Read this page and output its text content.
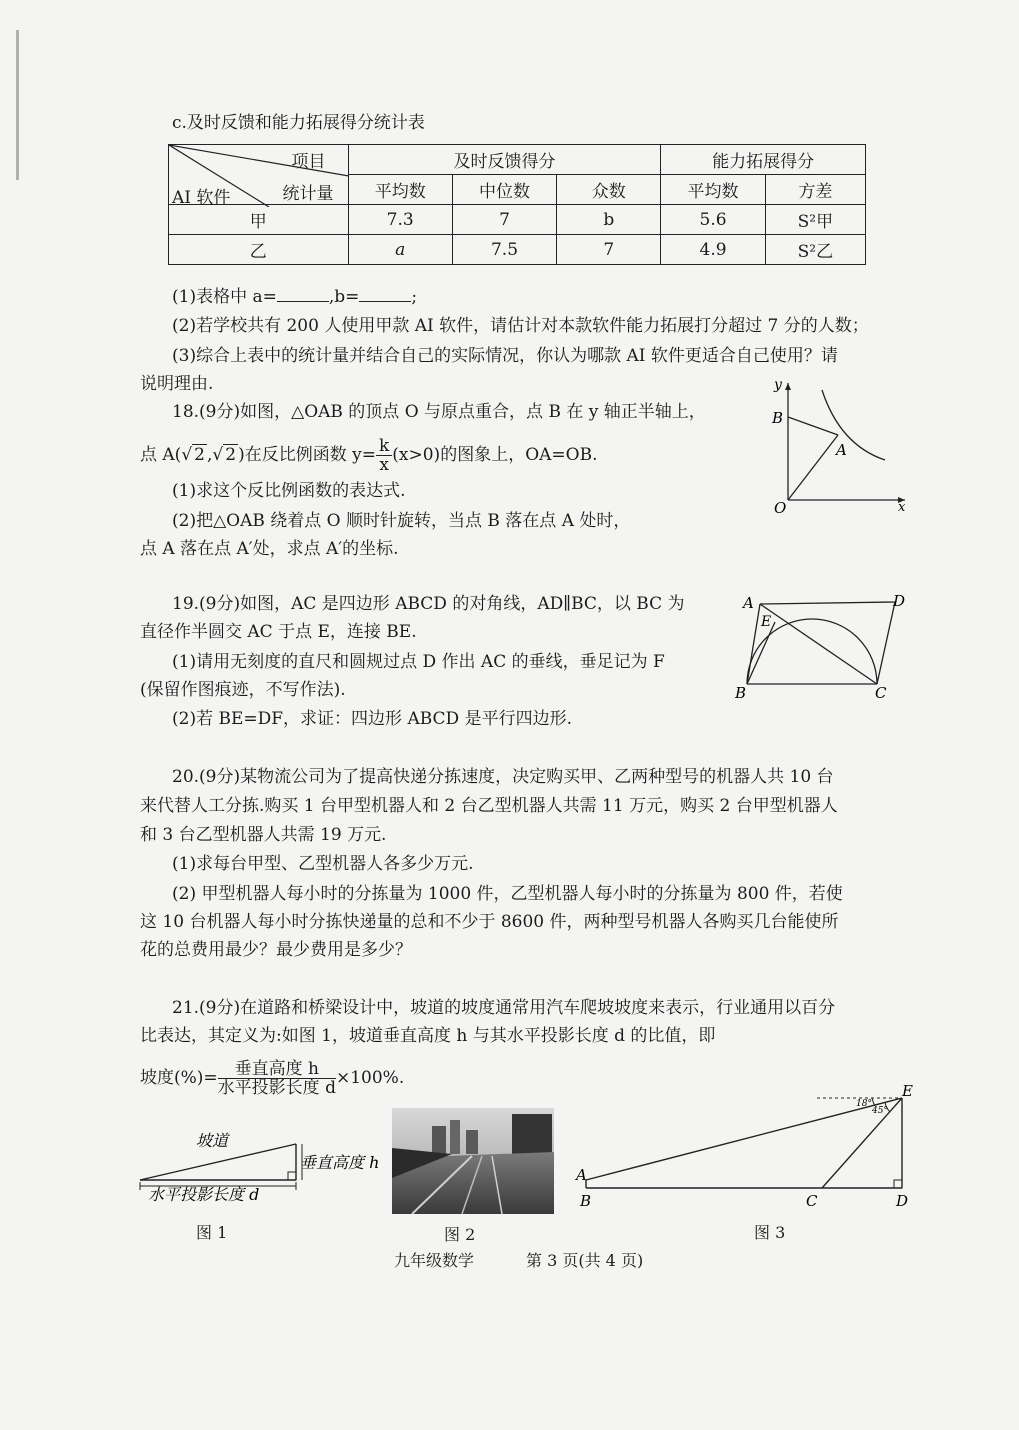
c.及时反馈和能力拓展得分统计表
项目
统计量
AI 软件	及时反馈得分			能力拓展得分	
	平均数	中位数	众数	平均数	方差
甲	7.3	7	b	5.6	S²甲
乙	a	7.5	7	4.9	S²乙
(1)表格中 a=	,b=	;
(2)若学校共有 200 人使用甲款 AI 软件，请估计对本款软件能力拓展打分超过 7 分的人数；
(3)综合上表中的统计量并结合自己的实际情况，你认为哪款 AI 软件更适合自己使用？请
说明理由.
18.(9分)如图，△OAB 的顶点 O 与原点重合，点 B 在 y 轴正半轴上，
点 A(√ 2 ,√ 2 )在反比例函数 $y= \frac{k}{x} (x>0)$的图象上，OA=OB.
(1)求这个反比例函数的表达式.
(2)把△OAB 绕着点 O 顺时针旋转，当点 B 落在点 A 处时，
点 A 落在点 A′处，求点 A′的坐标.
y
B
A
O	x
19.(9分)如图，AC 是四边形 ABCD 的对角线，AD∥BC，以 BC 为
直径作半圆交 AC 于点 E，连接 BE.
(1)请用无刻度的直尺和圆规过点 D 作出 AC 的垂线，垂足记为 F
(保留作图痕迹，不写作法).
(2)若 BE=DF，求证：四边形 ABCD 是平行四边形.
A	D
E
B	C
20.(9分)某物流公司为了提高快递分拣速度，决定购买甲、乙两种型号的机器人共 10 台
来代替人工分拣.购买 1 台甲型机器人和 2 台乙型机器人共需 11 万元，购买 2 台甲型机器人
和 3 台乙型机器人共需 19 万元.
(1)求每台甲型、乙型机器人各多少万元.
(2) 甲型机器人每小时的分拣量为 1000 件，乙型机器人每小时的分拣量为 800 件，若使
这 10 台机器人每小时分拣快递量的总和不少于 8600 件，两种型号机器人各购买几台能使所
花的总费用最少？最少费用是多少？
21.(9分)在道路和桥梁设计中，坡道的坡度通常用汽车爬坡坡度来表示，行业通用以百分
比表达，其定义为:如图 1，坡道垂直高度 h 与其水平投影长度 d 的比值，即
坡度(%)= $\frac{\text{垂直高度 h}}{\text{水平投影长度 d}} \times 100\%$.
坡道
垂直高度 h
水平投影长度 d
图 1	图 2
18°
45°
A
B	C	D
E
图 3
九年级数学	第 3 页(共 4 页)
